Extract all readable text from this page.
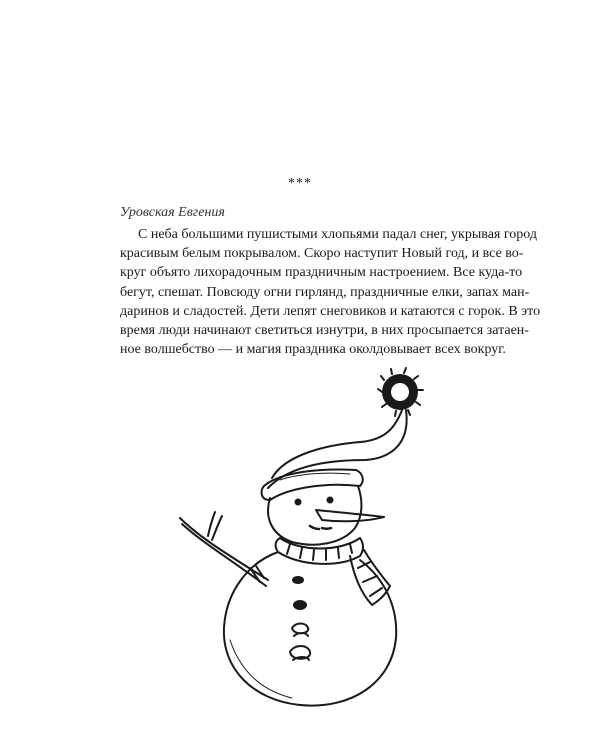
***
Уровская Евгения
С неба большими пушистыми хлопьями падал снег, укрывая город
красивым белым покрывалом. Скоро наступит Новый год, и все во-
круг объято лихорадочным праздничным настроением. Все куда-то
бегут, спешат. Повсюду огни гирлянд, праздничные елки, запах ман-
даринов и сладостей. Дети лепят снеговиков и катаются с горок. В это
время люди начинают светиться изнутри, в них просыпается затаен-
ное волшебство — и магия праздника околдовывает всех вокруг.
